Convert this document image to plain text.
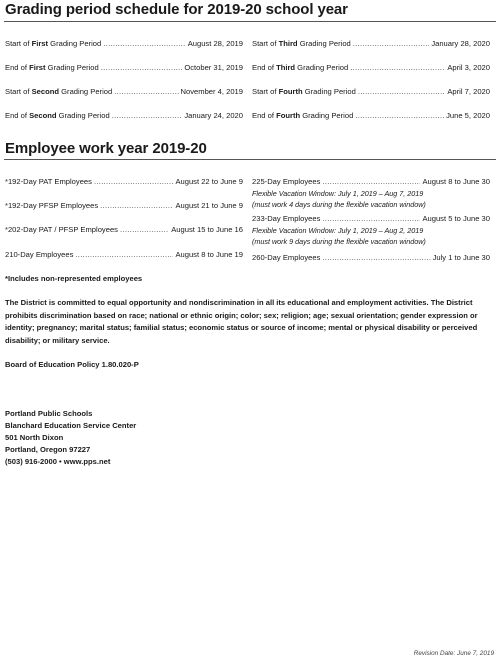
Grading period schedule for 2019-20 school year
Start of First Grading Period . . .	August 28, 2019
End of First Grading Period . . .	October 31, 2019
Start of Second Grading Period . . .	November 4, 2019
End of Second Grading Period . . .	January 24, 2020
Start of Third Grading Period . . .	January 28, 2020
End of Third Grading Period . . .	April 3, 2020
Start of Fourth Grading Period . . .	April 7, 2020
End of Fourth Grading Period . . .	June 5, 2020
Employee work year 2019-20
*192-Day PAT Employees . . .	August 22 to June 9
*192-Day PFSP Employees . . .	August 21 to June 9
*202-Day PAT / PFSP Employees . . .	August 15 to June 16
210-Day Employees . . .	August 8 to June 19
225-Day Employees . . .	August 8 to June 30
Flexible Vacation Window: July 1, 2019 – Aug 7, 2019
(must work 4 days during the flexible vacation window)
233-Day Employees . . .	August 5 to June 30
Flexible Vacation Window: July 1, 2019 – Aug 2, 2019
(must work 9 days during the flexible vacation window)
260-Day Employees . . .	July 1 to June 30
*Includes non-represented employees
The District is committed to equal opportunity and nondiscrimination in all its educational and employment activities. The District prohibits discrimination based on race; national or ethnic origin; color; sex; religion; age; sexual orientation; gender expression or identity; pregnancy; marital status; familial status; economic status or source of income; mental or physical disability or perceived disability; or military service.
Board of Education Policy 1.80.020-P
Portland Public Schools
Blanchard Education Service Center
501 North Dixon
Portland, Oregon 97227
(503) 916-2000 • www.pps.net
Revision Date: June 7, 2019
